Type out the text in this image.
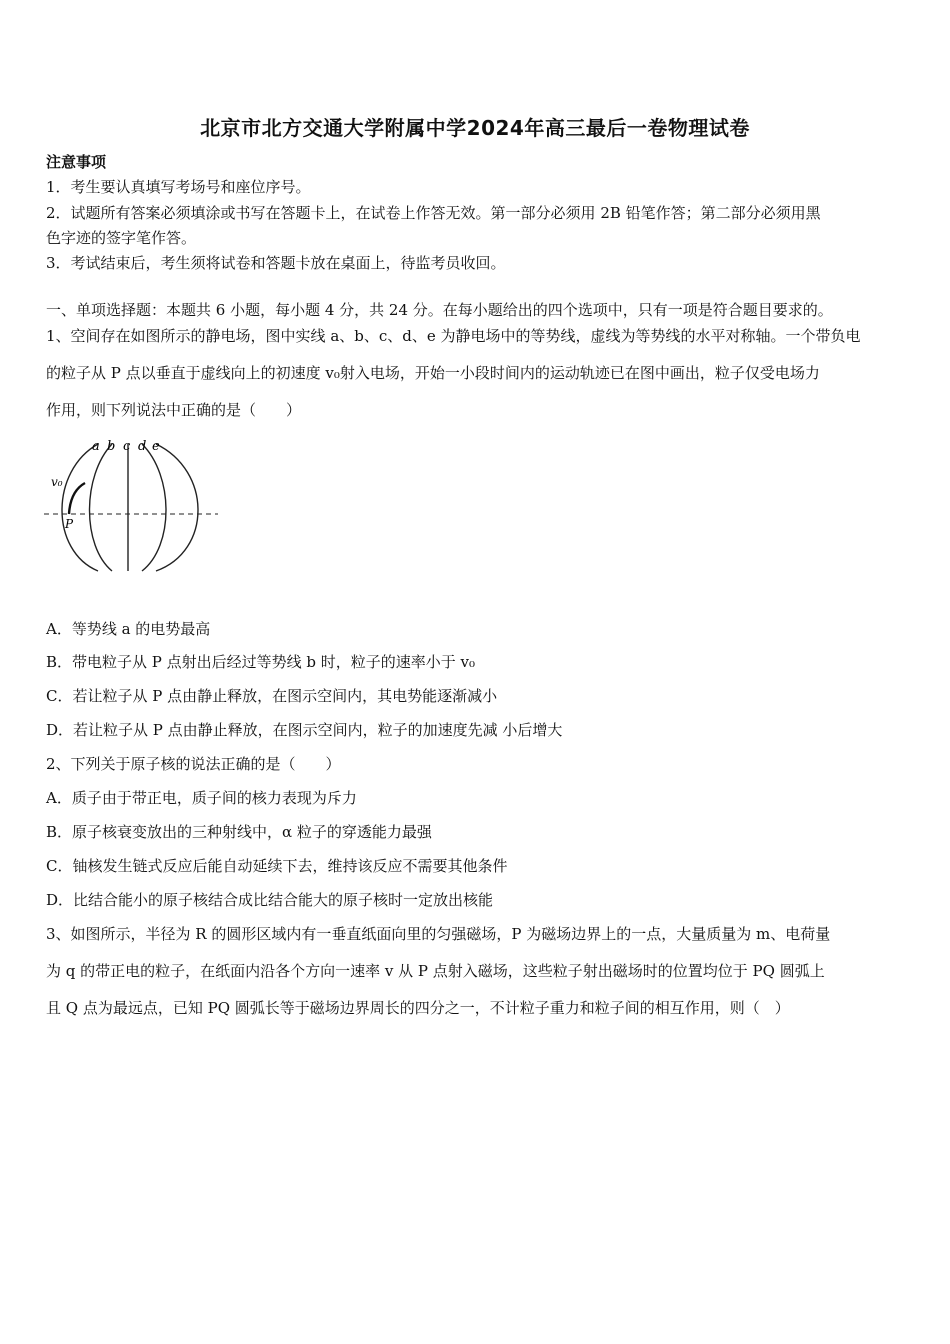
北京市北方交通大学附属中学2024年高三最后一卷物理试卷
注意事项
1．考生要认真填写考场号和座位序号。
2．试题所有答案必须填涂或书写在答题卡上，在试卷上作答无效。第一部分必须用 2B 铅笔作答；第二部分必须用黑
色字迹的签字笔作答。
3．考试结束后，考生须将试卷和答题卡放在桌面上，待监考员收回。
一、单项选择题：本题共 6 小题，每小题 4 分，共 24 分。在每小题给出的四个选项中，只有一项是符合题目要求的。
1、空间存在如图所示的静电场，图中实线 a、b、c、d、e 为静电场中的等势线，虚线为等势线的水平对称轴。一个带负电
的粒子从 P 点以垂直于虚线向上的初速度 v₀射入电场，开始一小段时间内的运动轨迹已在图中画出，粒子仅受电场力
作用，则下列说法中正确的是（　　）
a b c d e
v₀
P
A．等势线 a 的电势最高
B．带电粒子从 P 点射出后经过等势线 b 时，粒子的速率小于 v₀
C．若让粒子从 P 点由静止释放，在图示空间内，其电势能逐渐减小
D．若让粒子从 P 点由静止释放，在图示空间内，粒子的加速度先减 小后增大
2、下列关于原子核的说法正确的是（　　）
A．质子由于带正电，质子间的核力表现为斥力
B．原子核衰变放出的三种射线中，α 粒子的穿透能力最强
C．铀核发生链式反应后能自动延续下去，维持该反应不需要其他条件
D．比结合能小的原子核结合成比结合能大的原子核时一定放出核能
3、如图所示，半径为 R 的圆形区域内有一垂直纸面向里的匀强磁场，P 为磁场边界上的一点，大量质量为 m、电荷量
为 q 的带正电的粒子，在纸面内沿各个方向一速率 v 从 P 点射入磁场，这些粒子射出磁场时的位置均位于 PQ 圆弧上
且 Q 点为最远点，已知 PQ 圆弧长等于磁场边界周长的四分之一，不计粒子重力和粒子间的相互作用，则（　）
